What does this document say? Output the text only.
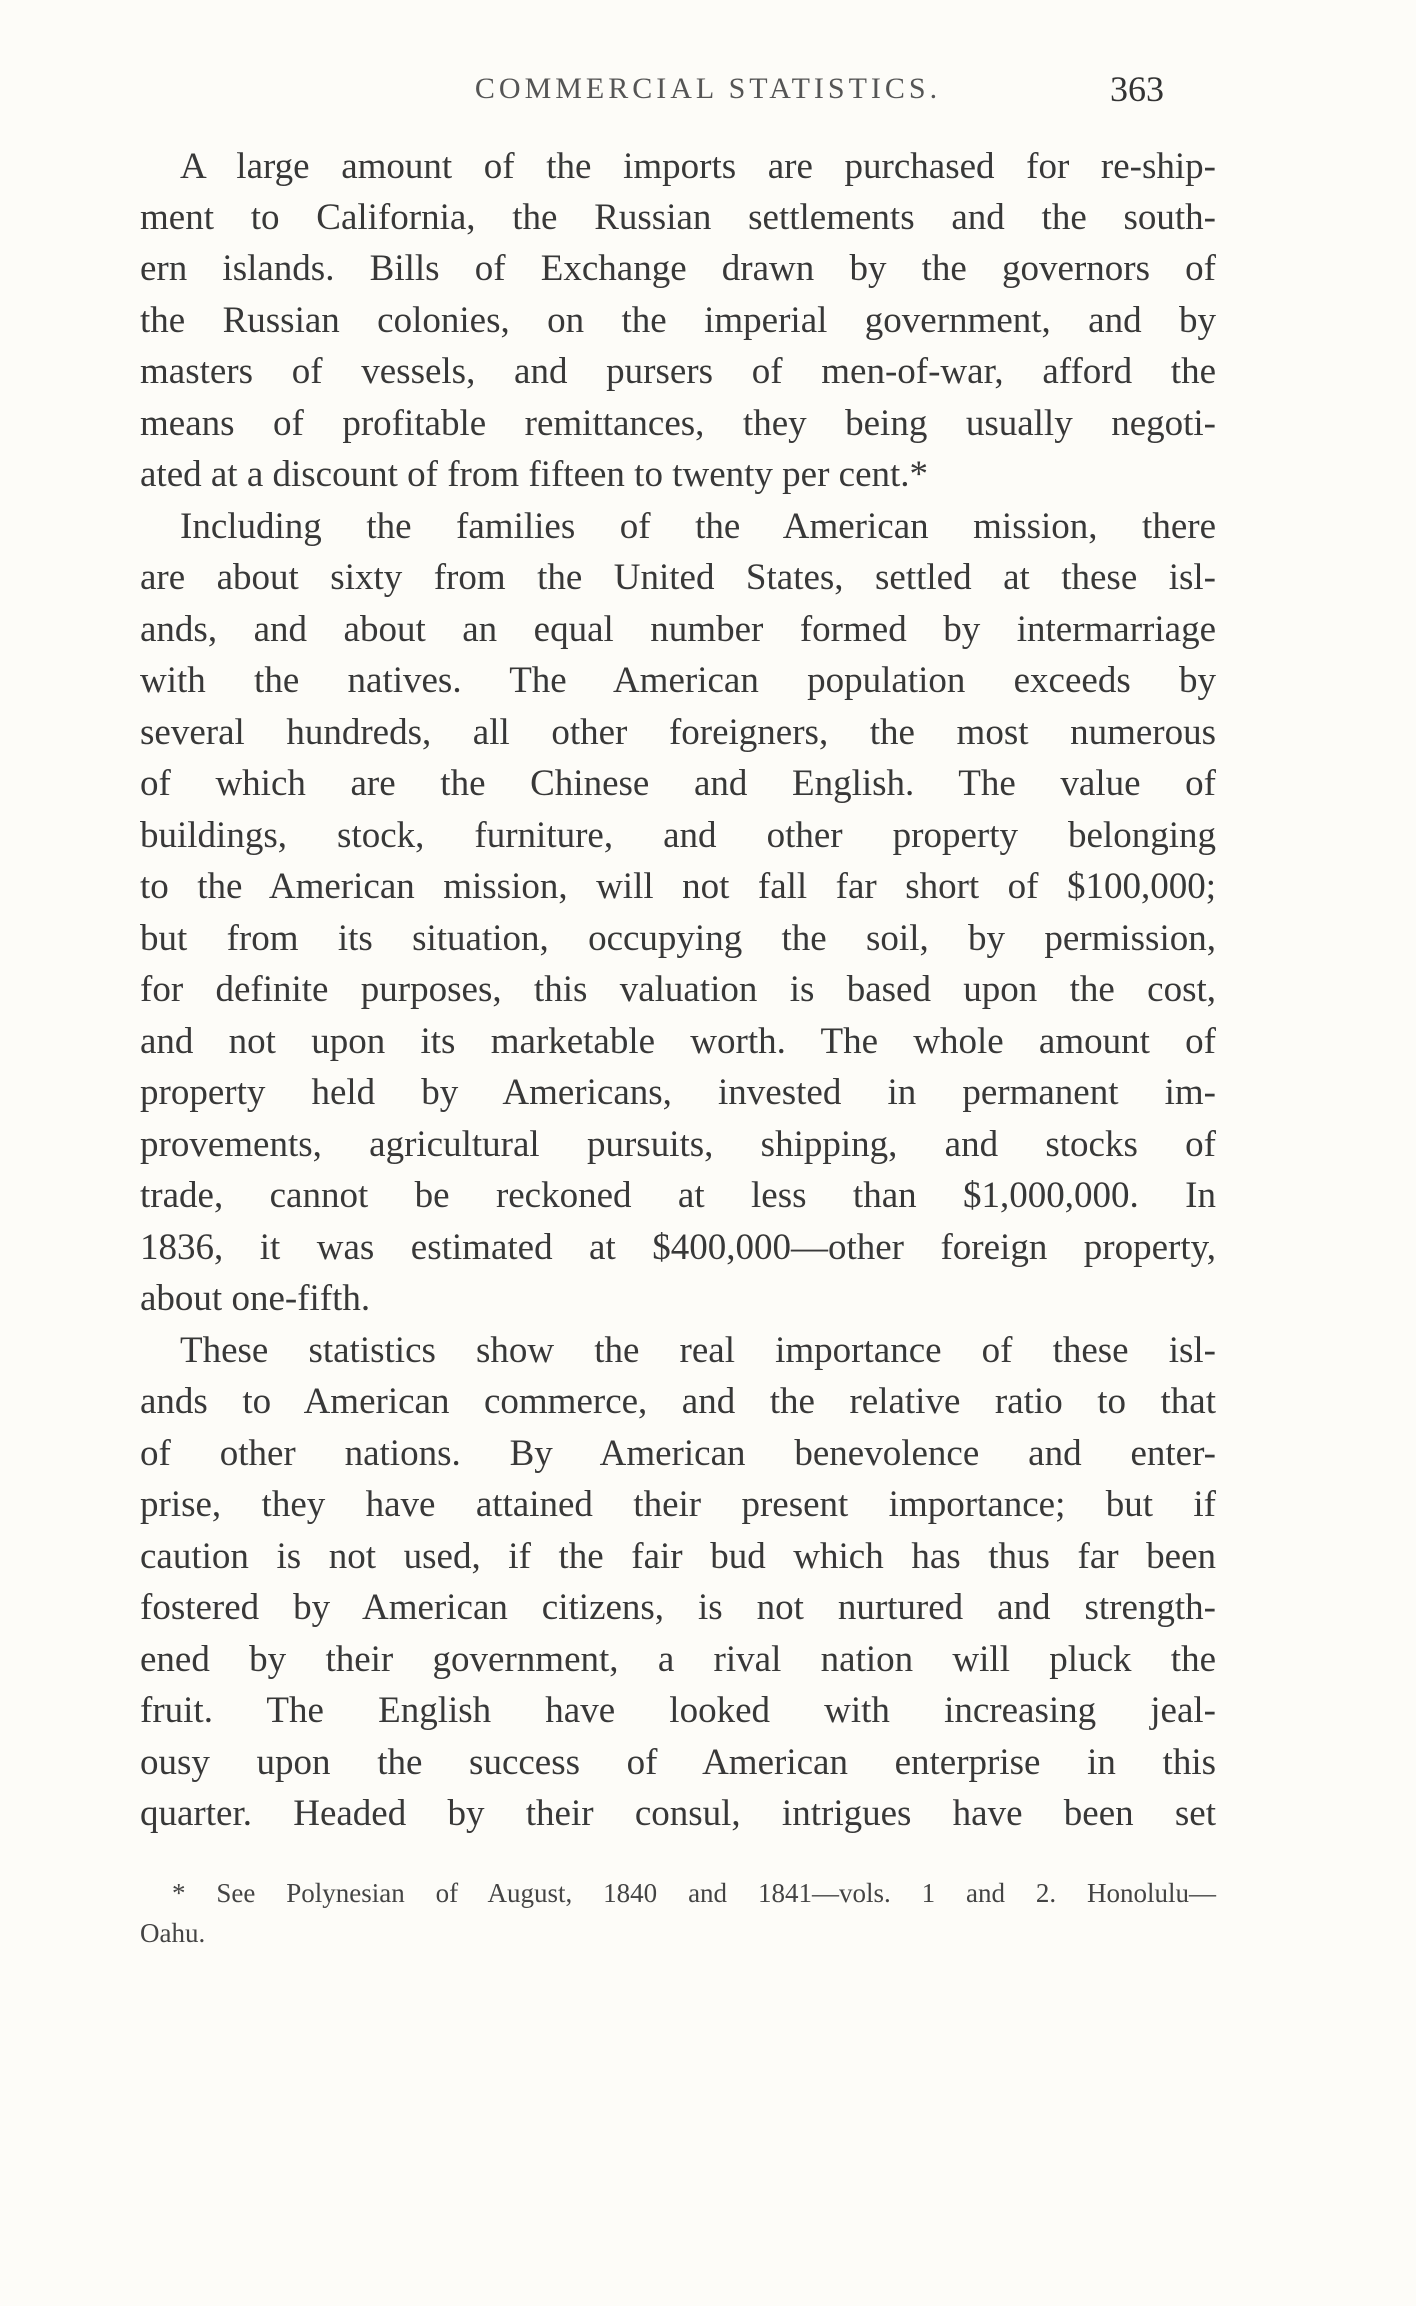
COMMERCIAL STATISTICS.	363
A large amount of the imports are purchased for re-ship-
ment to California, the Russian settlements and the south-
ern islands. Bills of Exchange drawn by the governors of
the Russian colonies, on the imperial government, and by
masters of vessels, and pursers of men-of-war, afford the
means of profitable remittances, they being usually negoti-
ated at a discount of from fifteen to twenty per cent.*
Including the families of the American mission, there
are about sixty from the United States, settled at these isl-
ands, and about an equal number formed by intermarriage
with the natives. The American population exceeds by
several hundreds, all other foreigners, the most numerous
of which are the Chinese and English. The value of
buildings, stock, furniture, and other property belonging
to the American mission, will not fall far short of $100,000;
but from its situation, occupying the soil, by permission,
for definite purposes, this valuation is based upon the cost,
and not upon its marketable worth. The whole amount of
property held by Americans, invested in permanent im-
provements, agricultural pursuits, shipping, and stocks of
trade, cannot be reckoned at less than $1,000,000. In
1836, it was estimated at $400,000—other foreign property,
about one-fifth.
These statistics show the real importance of these isl-
ands to American commerce, and the relative ratio to that
of other nations. By American benevolence and enter-
prise, they have attained their present importance; but if
caution is not used, if the fair bud which has thus far been
fostered by American citizens, is not nurtured and strength-
ened by their government, a rival nation will pluck the
fruit. The English have looked with increasing jeal-
ousy upon the success of American enterprise in this
quarter. Headed by their consul, intrigues have been set
* See Polynesian of August, 1840 and 1841—vols. 1 and 2. Honolulu—
Oahu.
